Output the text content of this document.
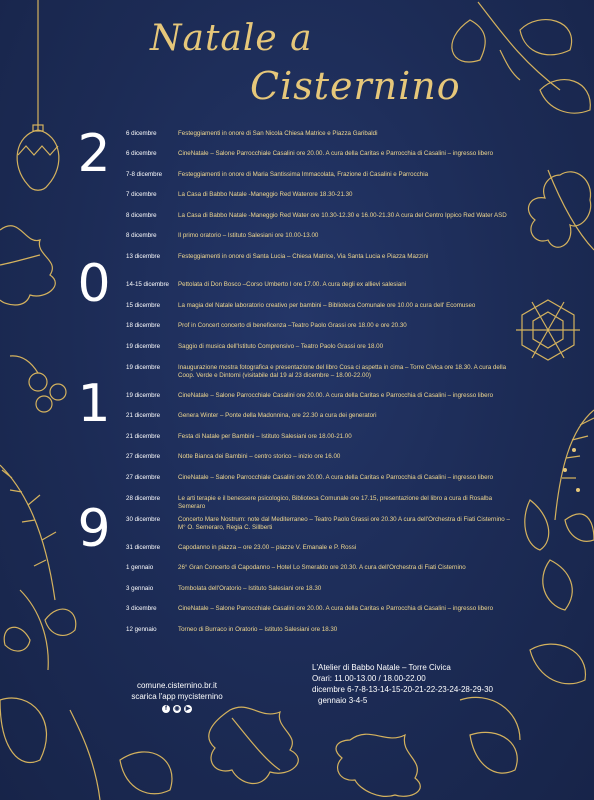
Natale a
Cisternino
2
0
1
9
6 dicembre	Festeggiamenti in onore di San Nicola Chiesa Matrice e Piazza Garibaldi
6 dicembre	CineNatale – Salone Parrocchiale Casalini ore 20.00. A cura della Caritas e Parrocchia di Casalini – ingresso libero
7-8 dicembre	Festeggiamenti in onore di Maria Santissima Immacolata, Frazione di Casalini e Parrocchia
7 dicembre	La Casa di Babbo Natale -Maneggio Red Waterore 18.30-21.30
8 dicembre	La Casa di Babbo Natale -Maneggio Red Water ore 10.30-12.30 e 16.00-21.30 A cura del Centro Ippico Red Water ASD
8 dicembre	Il primo oratorio – Istituto Salesiani ore 10.00-13.00
13 dicembre	Festeggiamenti in onore di Santa Lucia – Chiesa Matrice, Via Santa Lucia e Piazza Mazzini
14-15 dicembre	Pettolata di Don Bosco –Corso Umberto I ore 17.00. A cura degli ex allievi salesiani
15 dicembre	La magia del Natale laboratorio creativo per bambini – Biblioteca Comunale ore 10.00 a cura dell' Ecomuseo
18 dicembre	Prof in Concert concerto di beneficenza –Teatro Paolo Grassi ore 18.00 e ore 20.30
19 dicembre	Saggio di musica dell'Istituto Comprensivo – Teatro Paolo Grassi ore 18.00
19 dicembre	Inaugurazione mostra fotografica e presentazione del libro Cosa ci aspetta in cima – Torre Civica ore 18.30. A cura della Coop. Verde e Dintorni (visitabile dal 19 al 23 dicembre – 18.00-22.00)
19 dicembre	CineNatale – Salone Parrocchiale Casalini ore 20.00. A cura della Caritas e Parrocchia di Casalini – ingresso libero
21 dicembre	Genera Winter – Ponte della Madonnina, ore 22.30 a cura dei generatori
21 dicembre	Festa di Natale per Bambini – Istituto Salesiani ore 18.00-21.00
27 dicembre	Notte Bianca dei Bambini – centro storico – inizio ore 16.00
27 dicembre	CineNatale – Salone Parrocchiale Casalini ore 20.00. A cura della Caritas e Parrocchia di Casalini – ingresso libero
28 dicembre	Le arti terapie e il benessere psicologico, Biblioteca Comunale ore 17.15, presentazione del libro a cura di Rosalba Semeraro
30 dicembre	Concerto Mare Nostrum: note dal Mediterraneo – Teatro Paolo Grassi ore 20.30 A cura dell'Orchestra di Fiati Cisternino – M° O. Semeraro, Regia C. Sillberti
31 dicembre	Capodanno in piazza – ore 23.00 – piazze V. Emanale e P. Rossi
1 gennaio	26° Gran Concerto di Capodanno – Hotel Lo Smeraldo ore 20.30. A cura dell'Orchestra di Fiati Cisternino
3 gennaio	Tombolata dell'Oratorio – Istituto Salesiani ore 18.30
3 dicembre	CineNatale – Salone Parrocchiale Casalini ore 20.00. A cura della Caritas e Parrocchia di Casalini – ingresso libero
12 gennaio	Torneo di Burraco in Oratorio – Istituto Salesiani ore 18.30
comune.cisternino.br.it
scarica l'app mycisternino
f	◉ ▶
L'Atelier di Babbo Natale – Torre Civica
Orari: 11.00-13.00 / 18.00-22.00
dicembre 6-7-8-13-14-15-20-21-22-23-24-28-29-30
gennaio 3-4-5
